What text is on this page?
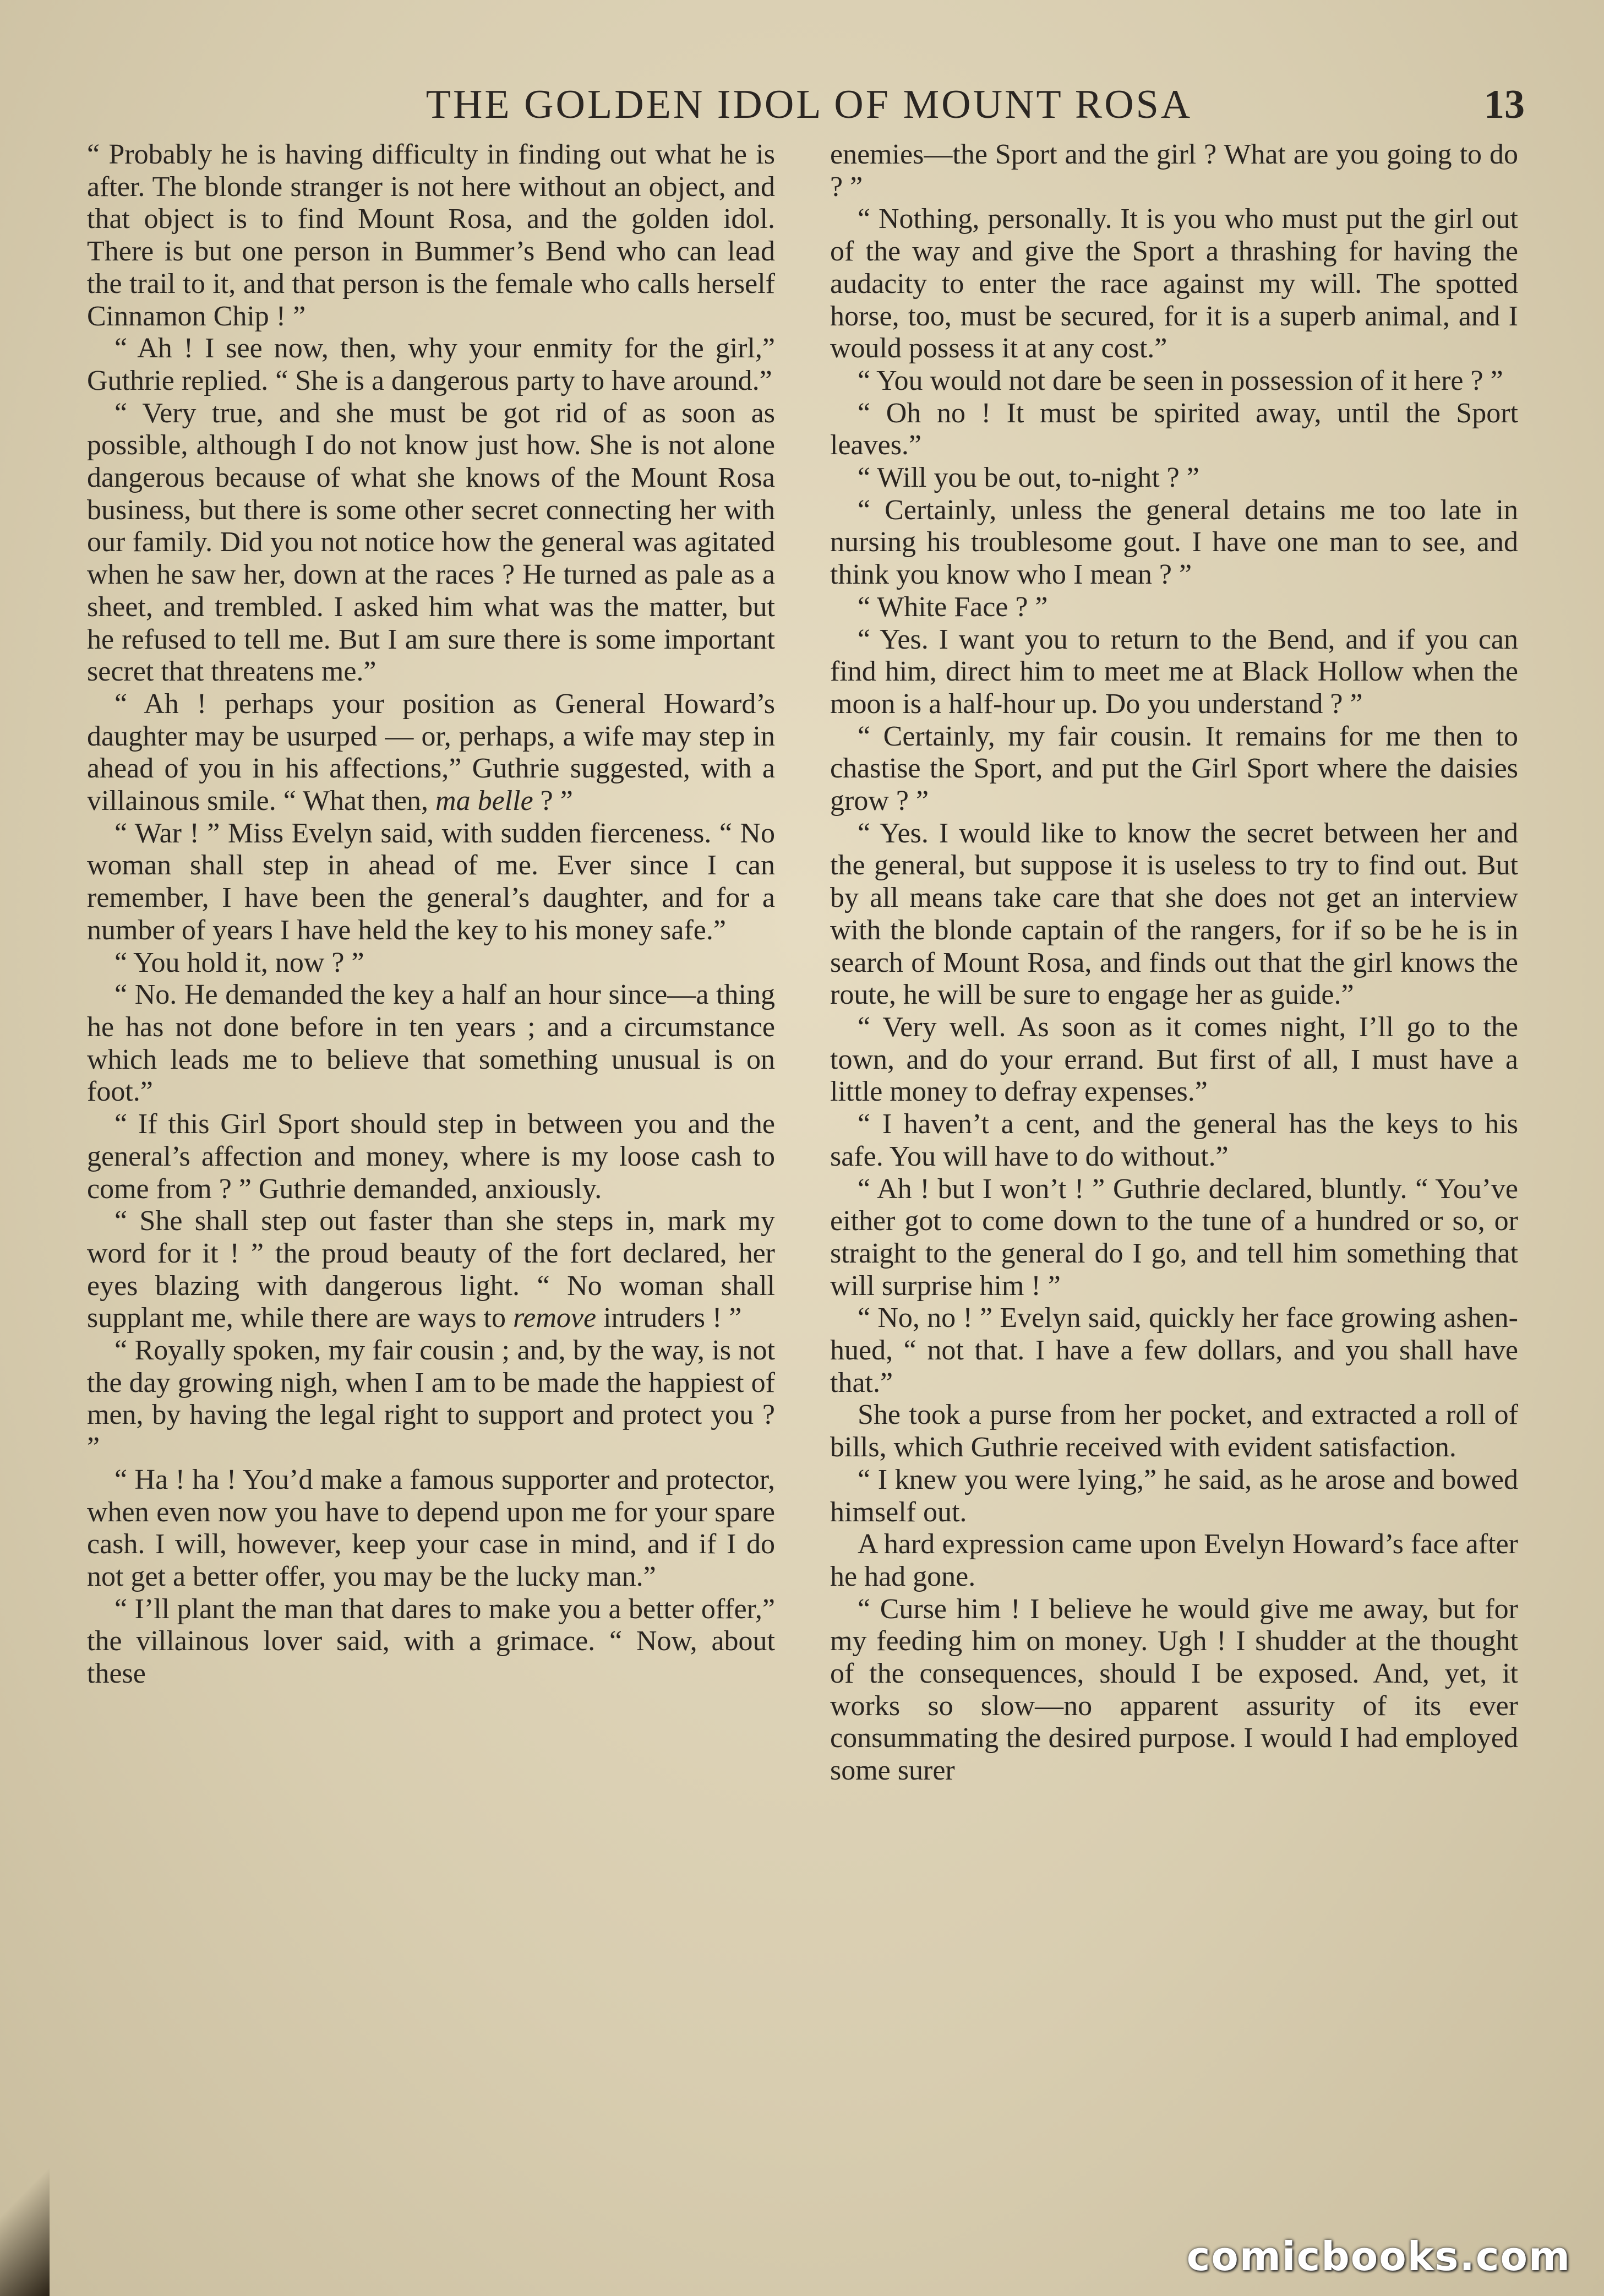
THE GOLDEN IDOL OF MOUNT ROSA	13

“ Probably he is having difficulty in finding out what he is after. The blonde stranger is not here without an object, and that object is to find Mount Rosa, and the golden idol. There is but one person in Bummer’s Bend who can lead the trail to it, and that person is the female who calls herself Cinnamon Chip ! ”

“ Ah ! I see now, then, why your enmity for the girl,” Guthrie replied. “ She is a dangerous party to have around.”

“ Very true, and she must be got rid of as soon as possible, although I do not know just how. She is not alone dangerous because of what she knows of the Mount Rosa business, but there is some other secret connecting her with our family. Did you not notice how the general was agitated when he saw her, down at the races ? He turned as pale as a sheet, and trembled. I asked him what was the matter, but he refused to tell me. But I am sure there is some important secret that threatens me.”

“ Ah ! perhaps your position as General Howard’s daughter may be usurped — or, perhaps, a wife may step in ahead of you in his affections,” Guthrie suggested, with a villainous smile. “ What then, ma belle ? ”

“ War ! ” Miss Evelyn said, with sudden fierceness. “ No woman shall step in ahead of me. Ever since I can remember, I have been the general’s daughter, and for a number of years I have held the key to his money safe.”

“ You hold it, now ? ”

“ No. He demanded the key a half an hour since—a thing he has not done before in ten years ; and a circumstance which leads me to believe that something unusual is on foot.”

“ If this Girl Sport should step in between you and the general’s affection and money, where is my loose cash to come from ? ” Guthrie demanded, anxiously.

“ She shall step out faster than she steps in, mark my word for it ! ” the proud beauty of the fort declared, her eyes blazing with dangerous light. “ No woman shall supplant me, while there are ways to remove intruders ! ”

“ Royally spoken, my fair cousin ; and, by the way, is not the day growing nigh, when I am to be made the happiest of men, by having the legal right to support and protect you ? ”

“ Ha ! ha ! You’d make a famous supporter and protector, when even now you have to depend upon me for your spare cash. I will, however, keep your case in mind, and if I do not get a better offer, you may be the lucky man.”

“ I’ll plant the man that dares to make you a better offer,” the villainous lover said, with a grimace. “ Now, about these

enemies—the Sport and the girl ? What are you going to do ? ”

“ Nothing, personally. It is you who must put the girl out of the way and give the Sport a thrashing for having the audacity to enter the race against my will. The spotted horse, too, must be secured, for it is a superb animal, and I would possess it at any cost.”

“ You would not dare be seen in possession of it here ? ”

“ Oh no ! It must be spirited away, until the Sport leaves.”

“ Will you be out, to-night ? ”

“ Certainly, unless the general detains me too late in nursing his troublesome gout. I have one man to see, and think you know who I mean ? ”

“ White Face ? ”

“ Yes. I want you to return to the Bend, and if you can find him, direct him to meet me at Black Hollow when the moon is a half-hour up. Do you understand ? ”

“ Certainly, my fair cousin. It remains for me then to chastise the Sport, and put the Girl Sport where the daisies grow ? ”

“ Yes. I would like to know the secret between her and the general, but suppose it is useless to try to find out. But by all means take care that she does not get an interview with the blonde captain of the rangers, for if so be he is in search of Mount Rosa, and finds out that the girl knows the route, he will be sure to engage her as guide.”

“ Very well. As soon as it comes night, I’ll go to the town, and do your errand. But first of all, I must have a little money to defray expenses.”

“ I haven’t a cent, and the general has the keys to his safe. You will have to do without.”

“ Ah ! but I won’t ! ” Guthrie declared, bluntly. “ You’ve either got to come down to the tune of a hundred or so, or straight to the general do I go, and tell him something that will surprise him ! ”

“ No, no ! ” Evelyn said, quickly her face growing ashen-hued, “ not that. I have a few dollars, and you shall have that.”

She took a purse from her pocket, and extracted a roll of bills, which Guthrie received with evident satisfaction.

“ I knew you were lying,” he said, as he arose and bowed himself out.

A hard expression came upon Evelyn Howard’s face after he had gone.

“ Curse him ! I believe he would give me away, but for my feeding him on money. Ugh ! I shudder at the thought of the consequences, should I be exposed. And, yet, it works so slow—no apparent assurity of its ever consummating the desired purpose. I would I had employed some surer

comicbooks.com
